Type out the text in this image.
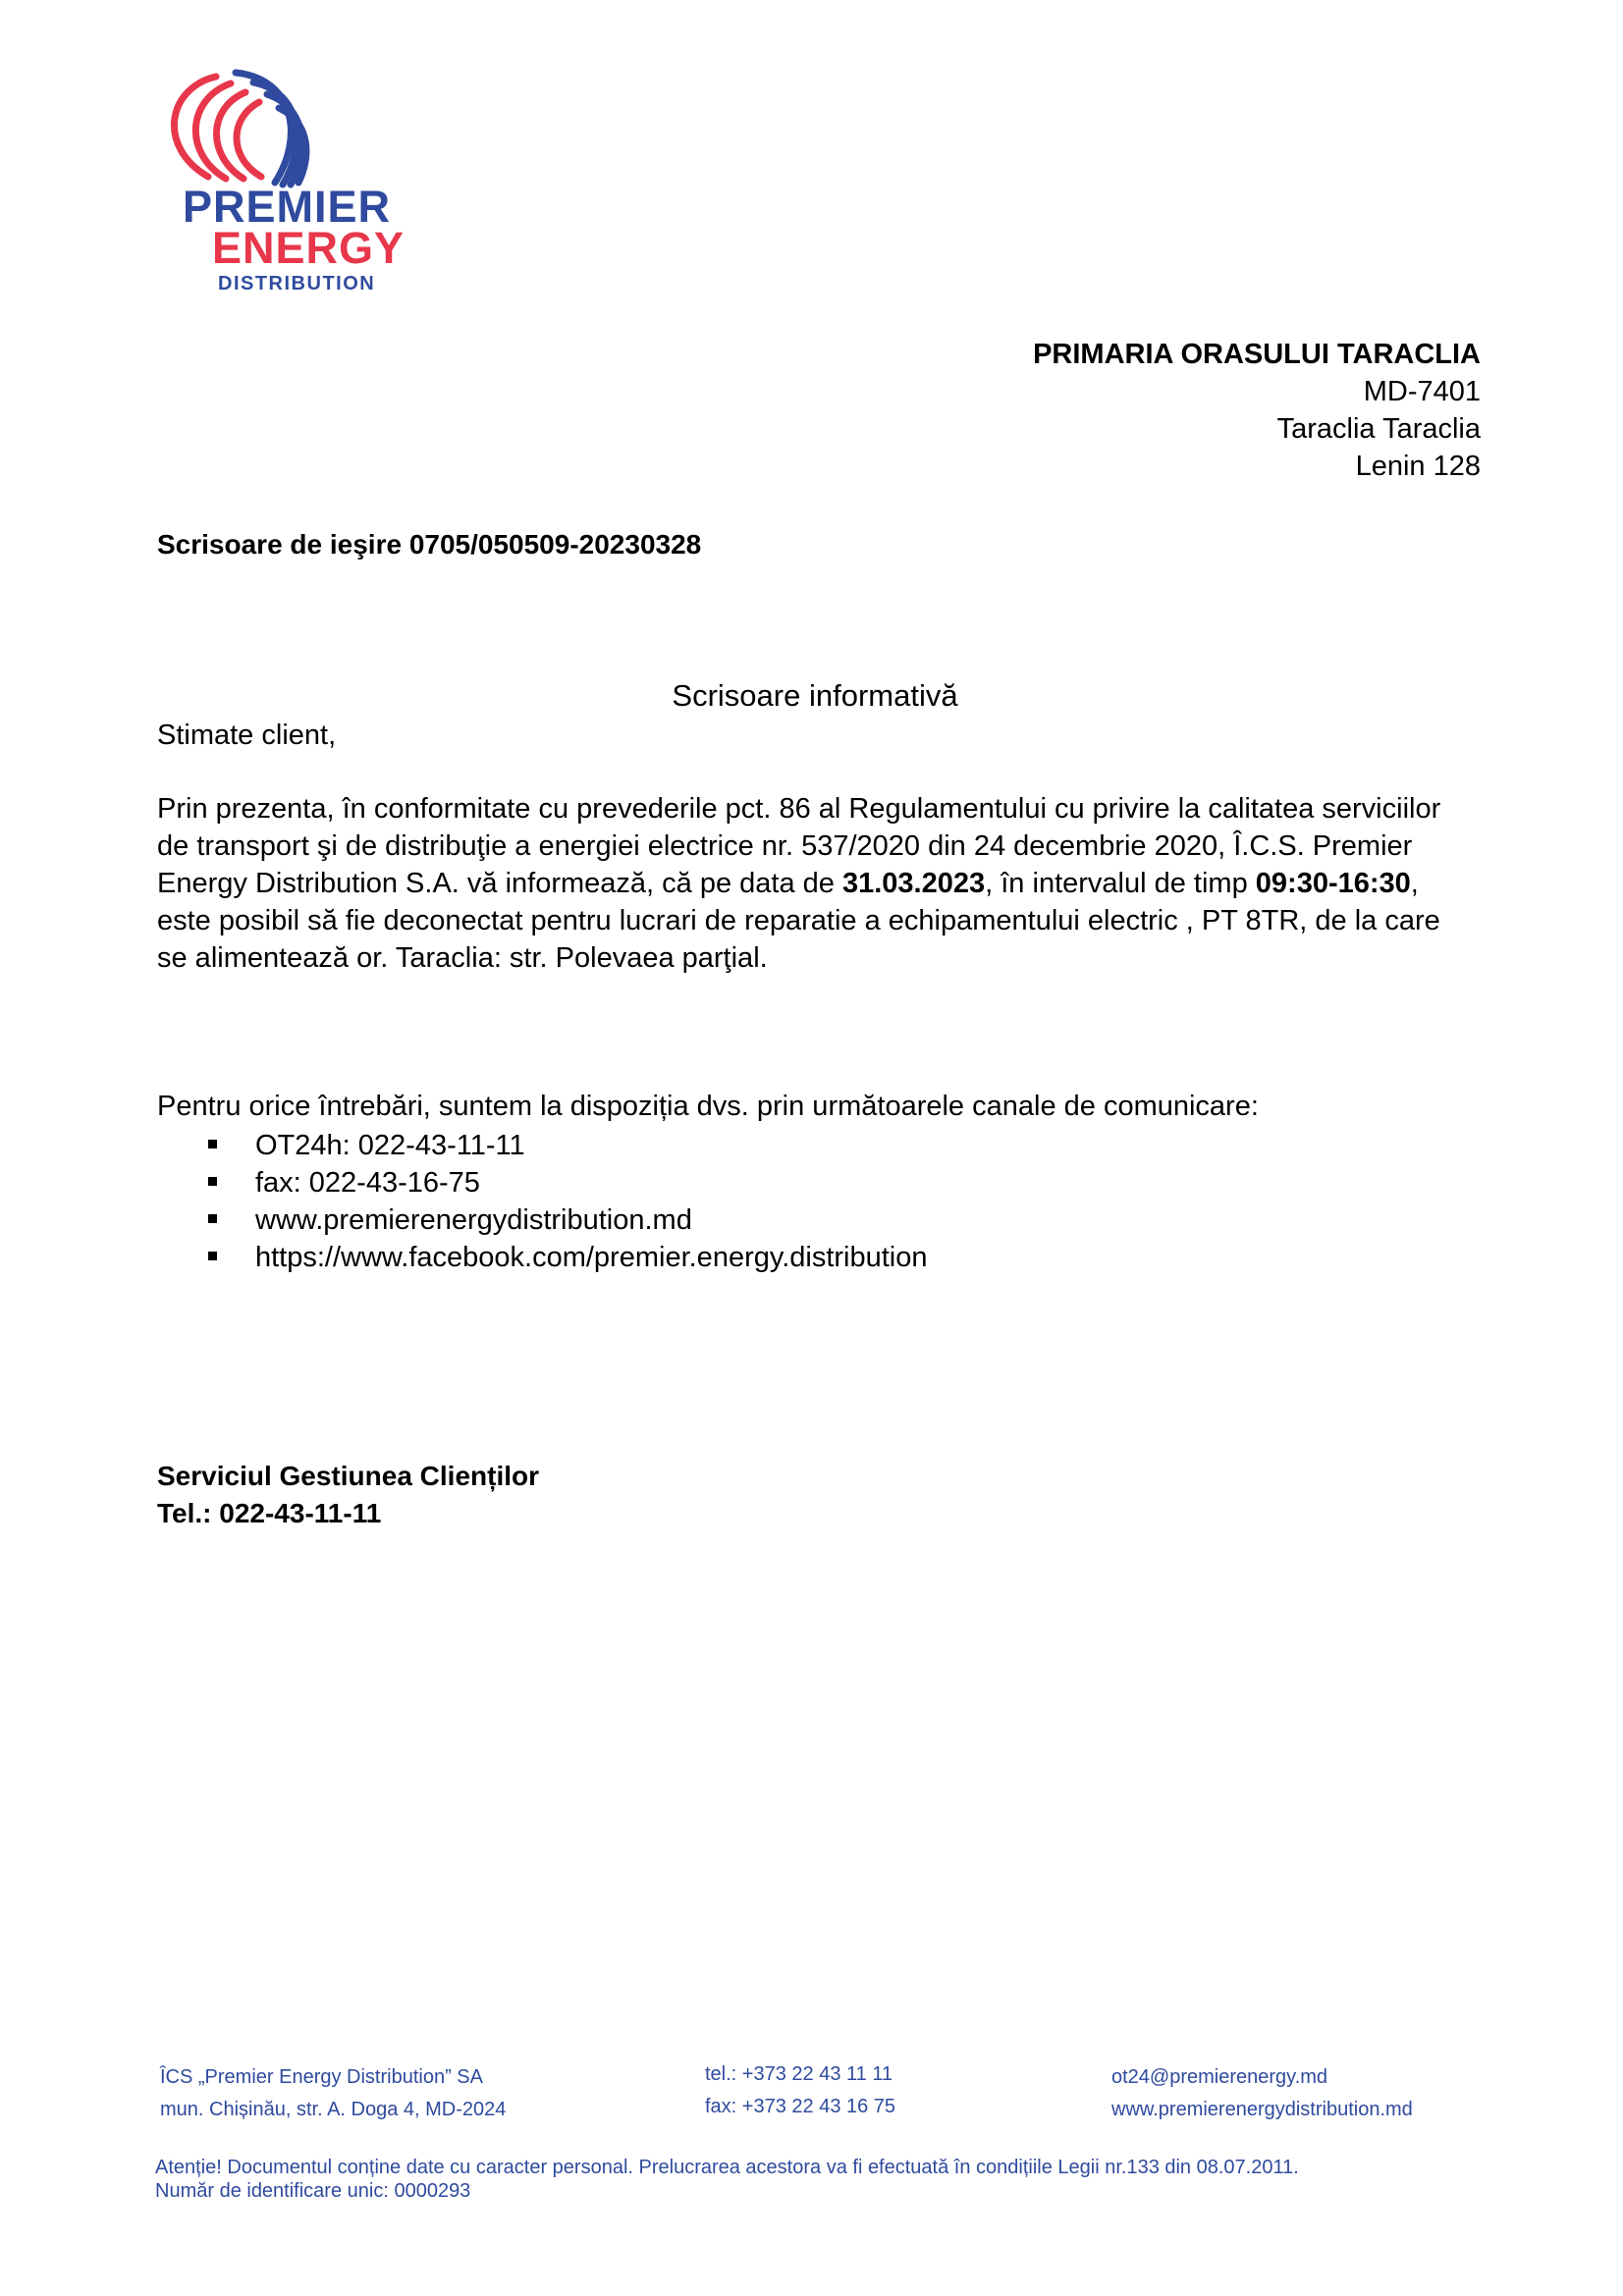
PREMIER
ENERGY
DISTRIBUTION
PRIMARIA ORASULUI TARACLIA
MD-7401
Taraclia Taraclia
Lenin 128
Scrisoare de ieşire 0705/050509-20230328
Scrisoare informativă
Stimate client,
Prin prezenta, în conformitate cu prevederile pct. 86 al Regulamentului cu privire la calitatea serviciilor de transport şi de distribuţie a energiei electrice nr. 537/2020 din 24 decembrie 2020, Î.C.S. Premier Energy Distribution S.A. vă informează, că pe data de 31.03.2023, în intervalul de timp 09:30-16:30, este posibil să fie deconectat pentru lucrari de reparatie a echipamentului electric , PT 8TR, de la care se alimentează or. Taraclia: str. Polevaea parţial.
Pentru orice întrebări, suntem la dispoziția dvs. prin următoarele canale de comunicare:
OT24h: 022-43-11-11
fax: 022-43-16-75
www.premierenergydistribution.md
https://www.facebook.com/premier.energy.distribution
Serviciul Gestiunea Clienților
Tel.: 022-43-11-11
ÎCS „Premier Energy Distribution” SA
mun. Chișinău, str. A. Doga 4, MD-2024
tel.: +373 22 43 11 11
fax: +373 22 43 16 75
ot24@premierenergy.md
www.premierenergydistribution.md
Atenție! Documentul conține date cu caracter personal. Prelucrarea acestora va fi efectuată în condițiile Legii nr.133 din 08.07.2011.
Număr de identificare unic: 0000293
